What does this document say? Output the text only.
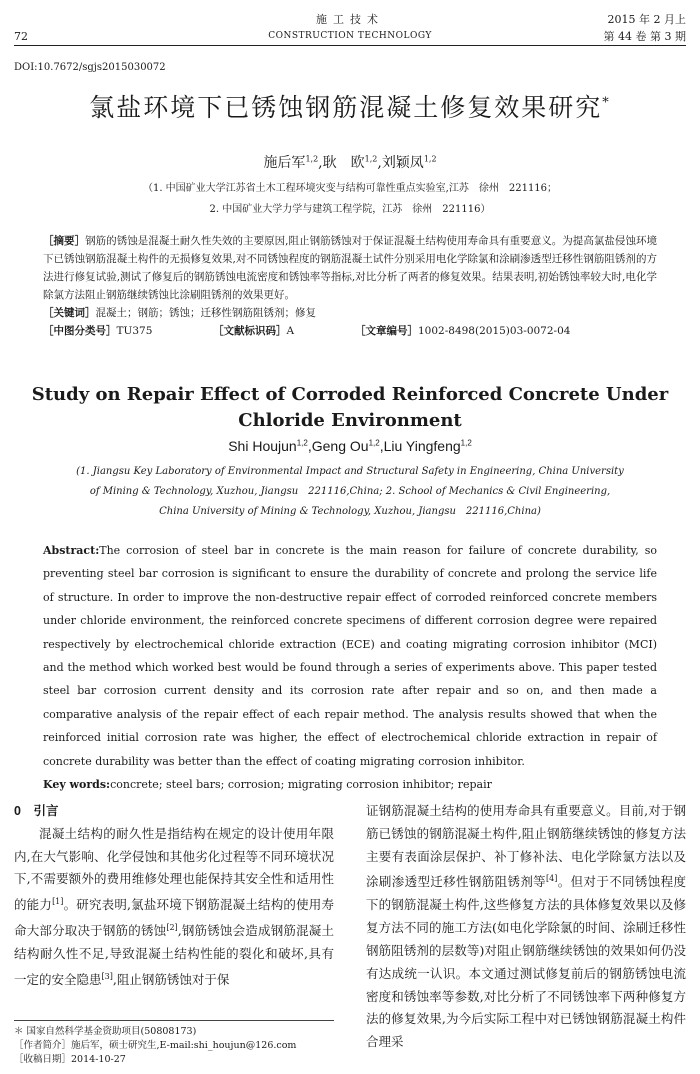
72
施工技术
CONSTRUCTION TECHNOLOGY
2015 年 2 月上
第 44 卷 第 3 期
DOI:10.7672/sgjs2015030072
氯盐环境下已锈蚀钢筋混凝土修复效果研究*
施后军$^{1,2}$,耿　欧$^{1,2}$,刘颖凤$^{1,2}$
（1. 中国矿业大学江苏省土木工程环境灾变与结构可靠性重点实验室,江苏　徐州　221116；
2. 中国矿业大学力学与建筑工程学院，江苏　徐州　221116）

［摘要］钢筋的锈蚀是混凝土耐久性失效的主要原因,阻止钢筋锈蚀对于保证混凝土结构使用寿命具有重要意义。为提高氯盐侵蚀环境下已锈蚀钢筋混凝土构件的无损修复效果,对不同锈蚀程度的钢筋混凝土试件分别采用电化学除氯和涂刷渗透型迁移性钢筋阻锈剂的方法进行修复试验,测试了修复后的钢筋锈蚀电流密度和锈蚀率等指标,对比分析了两者的修复效果。结果表明,初始锈蚀率较大时,电化学除氯方法阻止钢筋继续锈蚀比涂刷阻锈剂的效果更好。

［关键词］混凝土；钢筋；锈蚀；迁移性钢筋阻锈剂；修复

［中图分类号］TU375	［文献标识码］A	［文章编号］1002-8498(2015)03-0072-04
Study on Repair Effect of Corroded Reinforced Concrete Under Chloride Environment
Shi Houjun$^{1,2}$,Geng Ou$^{1,2}$,Liu Yingfeng$^{1,2}$
(1. Jiangsu Key Laboratory of Environmental Impact and Structural Safety in Engineering, China University
of Mining & Technology, Xuzhou, Jiangsu　221116,China; 2. School of Mechanics & Civil Engineering,
China University of Mining & Technology, Xuzhou, Jiangsu　221116,China)

Abstract:The corrosion of steel bar in concrete is the main reason for failure of concrete durability, so preventing steel bar corrosion is significant to ensure the durability of concrete and prolong the service life of structure. In order to improve the non-destructive repair effect of corroded reinforced concrete members under chloride environment, the reinforced concrete specimens of different corrosion degree were repaired respectively by electrochemical chloride extraction (ECE) and coating migrating corrosion inhibitor (MCI) and the method which worked best would be found through a series of experiments above. This paper tested steel bar corrosion current density and its corrosion rate after repair and so on, and then made a comparative analysis of the repair effect of each repair method. The analysis results showed that when the reinforced initial corrosion rate was higher, the effect of electrochemical chloride extraction in repair of concrete durability was better than the effect of coating migrating corrosion inhibitor.

Key words:concrete; steel bars; corrosion; migrating corrosion inhibitor; repair

0　 引言

混凝土结构的耐久性是指结构在规定的设计使用年限内,在大气影响、化学侵蚀和其他劣化过程等不同环境状况下,不需要额外的费用维修处理也能保持其安全性和适用性的能力[1]。研究表明,氯盐环境下钢筋混凝土结构的使用寿命大部分取决于钢筋的锈蚀[2],钢筋锈蚀会造成钢筋混凝土结构耐久性不足,导致混凝土结构性能的裂化和破坏,具有一定的安全隐患[3],阻止钢筋锈蚀对于保

证钢筋混凝土结构的使用寿命具有重要意义。目前,对于钢筋已锈蚀的钢筋混凝土构件,阻止钢筋继续锈蚀的修复方法主要有表面涂层保护、补丁修补法、电化学除氯方法以及涂刷渗透型迁移性钢筋阻锈剂等[4]。但对于不同锈蚀程度下的钢筋混凝土构件,这些修复方法的具体修复效果以及修复方法不同的施工方法(如电化学除氯的时间、涂刷迁移性钢筋阻锈剂的层数等)对阻止钢筋继续锈蚀的效果如何仍没有达成统一认识。本文通过测试修复前后的钢筋锈蚀电流密度和锈蚀率等参数,对比分析了不同锈蚀率下两种修复方法的修复效果,为今后实际工程中对已锈蚀钢筋混凝土构件合理采

＊ 国家自然科学基金资助项目(50808173)
［作者简介］施后军，硕士研究生,E-mail:shi_houjun@126.com
［收稿日期］2014-10-27
